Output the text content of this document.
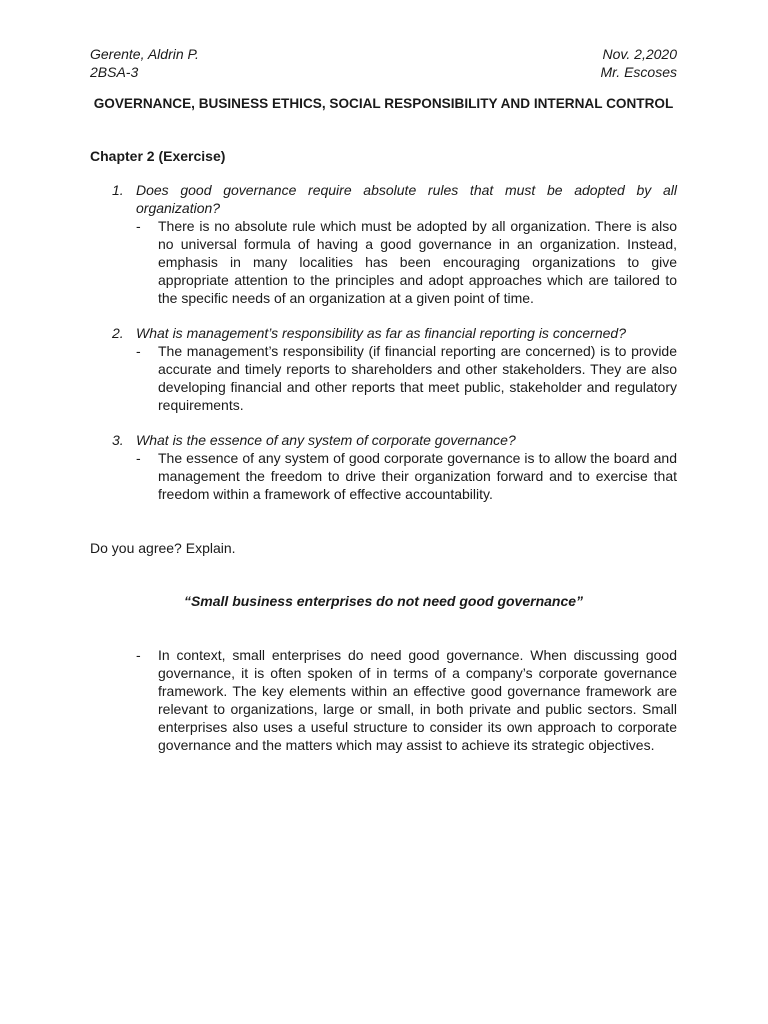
Gerente, Aldrin P.	Nov. 2,2020
2BSA-3	Mr. Escoses
GOVERNANCE, BUSINESS ETHICS, SOCIAL RESPONSIBILITY AND INTERNAL CONTROL
Chapter 2 (Exercise)
1. Does good governance require absolute rules that must be adopted by all organization?
- There is no absolute rule which must be adopted by all organization. There is also no universal formula of having a good governance in an organization. Instead, emphasis in many localities has been encouraging organizations to give appropriate attention to the principles and adopt approaches which are tailored to the specific needs of an organization at a given point of time.
2. What is management’s responsibility as far as financial reporting is concerned?
- The management’s responsibility (if financial reporting are concerned) is to provide accurate and timely reports to shareholders and other stakeholders. They are also developing financial and other reports that meet public, stakeholder and regulatory requirements.
3. What is the essence of any system of corporate governance?
- The essence of any system of good corporate governance is to allow the board and management the freedom to drive their organization forward and to exercise that freedom within a framework of effective accountability.
Do you agree? Explain.
“Small business enterprises do not need good governance”
- In context, small enterprises do need good governance. When discussing good governance, it is often spoken of in terms of a company’s corporate governance framework. The key elements within an effective good governance framework are relevant to organizations, large or small, in both private and public sectors. Small enterprises also uses a useful structure to consider its own approach to corporate governance and the matters which may assist to achieve its strategic objectives.
